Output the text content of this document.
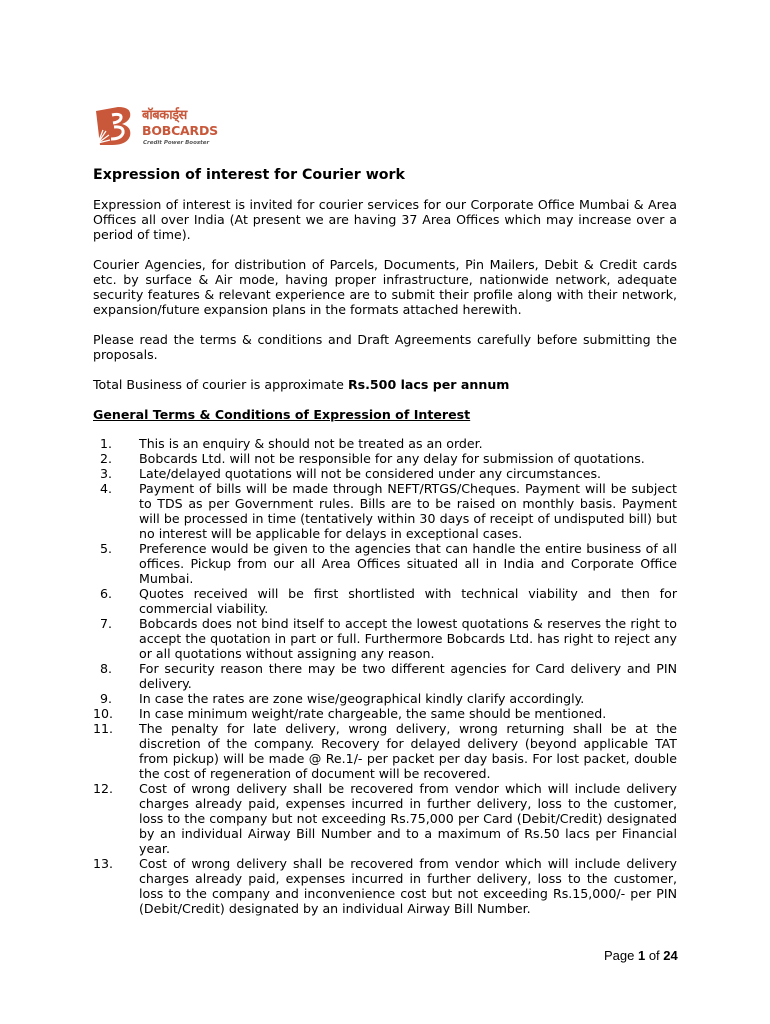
बॉबकार्ड्स
BOBCARDS
Credit Power Booster
Expression of interest for Courier work

Expression of interest is invited for courier services for our Corporate Office Mumbai & Area Offices all over India (At present we are having 37 Area Offices which may increase over a period of time).

Courier Agencies, for distribution of Parcels, Documents, Pin Mailers, Debit & Credit cards etc. by surface & Air mode, having proper infrastructure, nationwide network, adequate security features & relevant experience are to submit their profile along with their network, expansion/future expansion plans in the formats attached herewith.

Please read the terms & conditions and Draft Agreements carefully before submitting the proposals.

Total Business of courier is approximate Rs.500 lacs per annum

General Terms & Conditions of Expression of Interest
1. This is an enquiry & should not be treated as an order.
2. Bobcards Ltd. will not be responsible for any delay for submission of quotations.
3. Late/delayed quotations will not be considered under any circumstances.
4. Payment of bills will be made through NEFT/RTGS/Cheques. Payment will be subject to TDS as per Government rules. Bills are to be raised on monthly basis. Payment will be processed in time (tentatively within 30 days of receipt of undisputed bill) but no interest will be applicable for delays in exceptional cases.
5. Preference would be given to the agencies that can handle the entire business of all offices. Pickup from our all Area Offices situated all in India and Corporate Office Mumbai.
6. Quotes received will be first shortlisted with technical viability and then for commercial viability.
7. Bobcards does not bind itself to accept the lowest quotations & reserves the right to accept the quotation in part or full. Furthermore Bobcards Ltd. has right to reject any or all quotations without assigning any reason.
8. For security reason there may be two different agencies for Card delivery and PIN delivery.
9. In case the rates are zone wise/geographical kindly clarify accordingly.
10. In case minimum weight/rate chargeable, the same should be mentioned.
11. The penalty for late delivery, wrong delivery, wrong returning shall be at the discretion of the company. Recovery for delayed delivery (beyond applicable TAT from pickup) will be made @ Re.1/- per packet per day basis. For lost packet, double the cost of regeneration of document will be recovered.
12. Cost of wrong delivery shall be recovered from vendor which will include delivery charges already paid, expenses incurred in further delivery, loss to the customer, loss to the company but not exceeding Rs.75,000 per Card (Debit/Credit) designated by an individual Airway Bill Number and to a maximum of Rs.50 lacs per Financial year.
13. Cost of wrong delivery shall be recovered from vendor which will include delivery charges already paid, expenses incurred in further delivery, loss to the customer, loss to the company and inconvenience cost but not exceeding Rs.15,000/- per PIN (Debit/Credit) designated by an individual Airway Bill Number.
Page 1 of 24
